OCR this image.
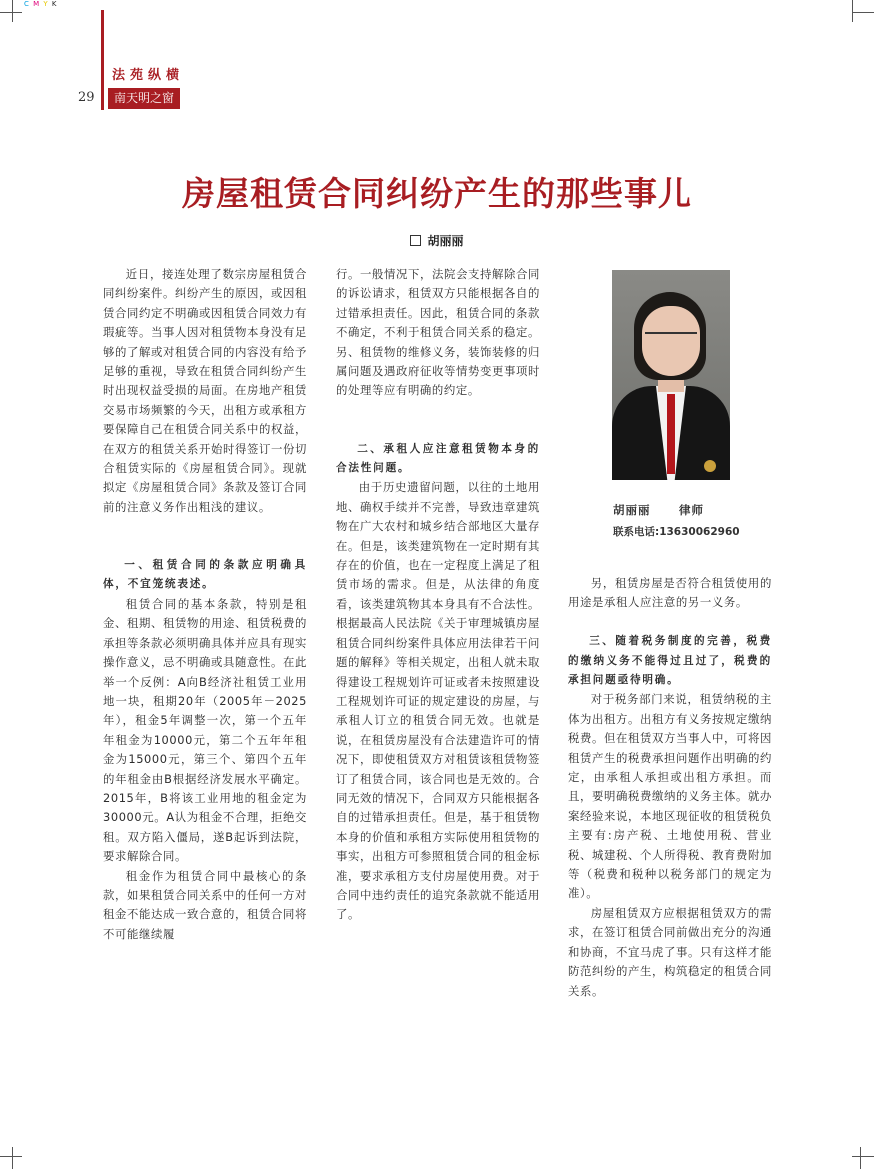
C M Y K
法苑纵横
29	南天明之窗
房屋租赁合同纠纷产生的那些事儿
胡丽丽

近日，接连处理了数宗房屋租赁合同纠纷案件。纠纷产生的原因，或因租赁合同约定不明确或因租赁合同效力有瑕疵等。当事人因对租赁物本身没有足够的了解或对租赁合同的内容没有给予足够的重视，导致在租赁合同纠纷产生时出现权益受损的局面。在房地产租赁交易市场频繁的今天，出租方或承租方要保障自己在租赁合同关系中的权益，在双方的租赁关系开始时得签订一份切合租赁实际的《房屋租赁合同》。现就拟定《房屋租赁合同》条款及签订合同前的注意义务作出粗浅的建议。

一、租赁合同的条款应明确具体，不宜笼统表述。

租赁合同的基本条款，特别是租金、租期、租赁物的用途、租赁税费的承担等条款必须明确具体并应具有现实操作意义，忌不明确或具随意性。在此举一个反例：A向B经济社租赁工业用地一块，租期20年（2005年－2025年），租金5年调整一次，第一个五年年租金为10000元，第二个五年年租金为15000元，第三个、第四个五年的年租金由B根据经济发展水平确定。2015年，B将该工业用地的租金定为30000元。A认为租金不合理，拒绝交租。双方陷入僵局，遂B起诉到法院，要求解除合同。

租金作为租赁合同中最核心的条款，如果租赁合同关系中的任何一方对租金不能达成一致合意的，租赁合同将不可能继续履

行。一般情况下，法院会支持解除合同的诉讼请求，租赁双方只能根据各自的过错承担责任。因此，租赁合同的条款不确定，不利于租赁合同关系的稳定。另、租赁物的维修义务，装饰装修的归属问题及遇政府征收等情势变更事项时的处理等应有明确的约定。

二、承租人应注意租赁物本身的合法性问题。

由于历史遗留问题，以往的土地用地、确权手续并不完善，导致违章建筑物在广大农村和城乡结合部地区大量存在。但是，该类建筑物在一定时期有其存在的价值，也在一定程度上满足了租赁市场的需求。但是，从法律的角度看，该类建筑物其本身具有不合法性。根据最高人民法院《关于审理城镇房屋租赁合同纠纷案件具体应用法律若干问题的解释》等相关规定，出租人就未取得建设工程规划许可证或者未按照建设工程规划许可证的规定建设的房屋，与承租人订立的租赁合同无效。也就是说，在租赁房屋没有合法建造许可的情况下，即使租赁双方对租赁该租赁物签订了租赁合同，该合同也是无效的。合同无效的情况下，合同双方只能根据各自的过错承担责任。但是，基于租赁物本身的价值和承租方实际使用租赁物的事实，出租方可参照租赁合同的租金标准，要求承租方支付房屋使用费。对于合同中违约责任的追究条款就不能适用了。

胡丽丽 律师
联系电话:13630062960

另，租赁房屋是否符合租赁使用的用途是承租人应注意的另一义务。

三、随着税务制度的完善，税费的缴纳义务不能得过且过了，税费的承担问题亟待明确。

对于税务部门来说，租赁纳税的主体为出租方。出租方有义务按规定缴纳税费。但在租赁双方当事人中，可将因租赁产生的税费承担问题作出明确的约定，由承租人承担或出租方承担。而且，要明确税费缴纳的义务主体。就办案经验来说，本地区现征收的租赁税负主要有:房产税、土地使用税、营业税、城建税、个人所得税、教育费附加等（税费和税种以税务部门的规定为准）。

房屋租赁双方应根据租赁双方的需求，在签订租赁合同前做出充分的沟通和协商，不宜马虎了事。只有这样才能防范纠纷的产生，构筑稳定的租赁合同关系。
